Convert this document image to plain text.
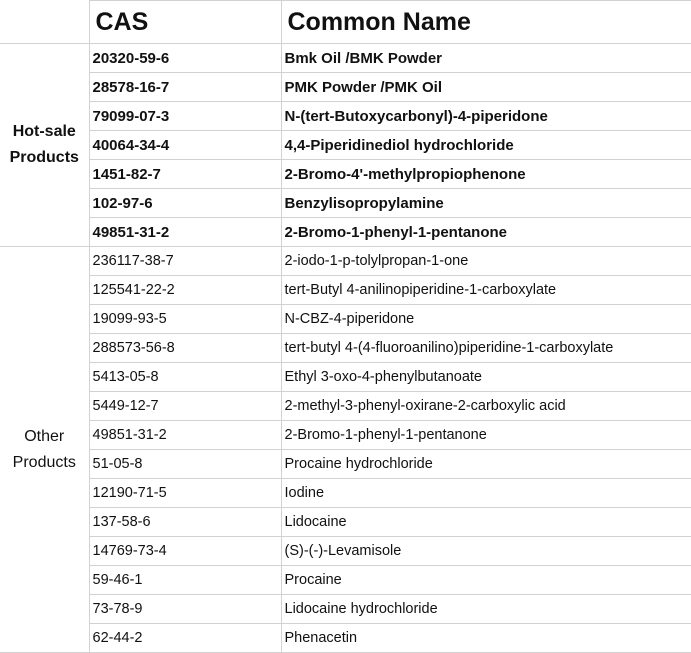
	CAS	Common Name

Hot-sale
Products	20320-59-6	Bmk Oil /BMK Powder
	28578-16-7	PMK Powder /PMK Oil
	79099-07-3	N-(tert-Butoxycarbonyl)-4-piperidone
	40064-34-4	4,4-Piperidinediol hydrochloride
	1451-82-7	2-Bromo-4'-methylpropiophenone
	102-97-6	Benzylisopropylamine
	49851-31-2	2-Bromo-1-phenyl-1-pentanone

Other
Products	236117-38-7	2-iodo-1-p-tolylpropan-1-one
	125541-22-2	tert-Butyl 4-anilinopiperidine-1-carboxylate
	19099-93-5	N-CBZ-4-piperidone
	288573-56-8	tert-butyl 4-(4-fluoroanilino)piperidine-1-carboxylate
	5413-05-8	Ethyl 3-oxo-4-phenylbutanoate
	5449-12-7	2-methyl-3-phenyl-oxirane-2-carboxylic acid
	49851-31-2	2-Bromo-1-phenyl-1-pentanone
	51-05-8	Procaine hydrochloride
	12190-71-5	Iodine
	137-58-6	Lidocaine
	14769-73-4	(S)-(-)-Levamisole
	59-46-1	Procaine
	73-78-9	Lidocaine hydrochloride
	62-44-2	Phenacetin
